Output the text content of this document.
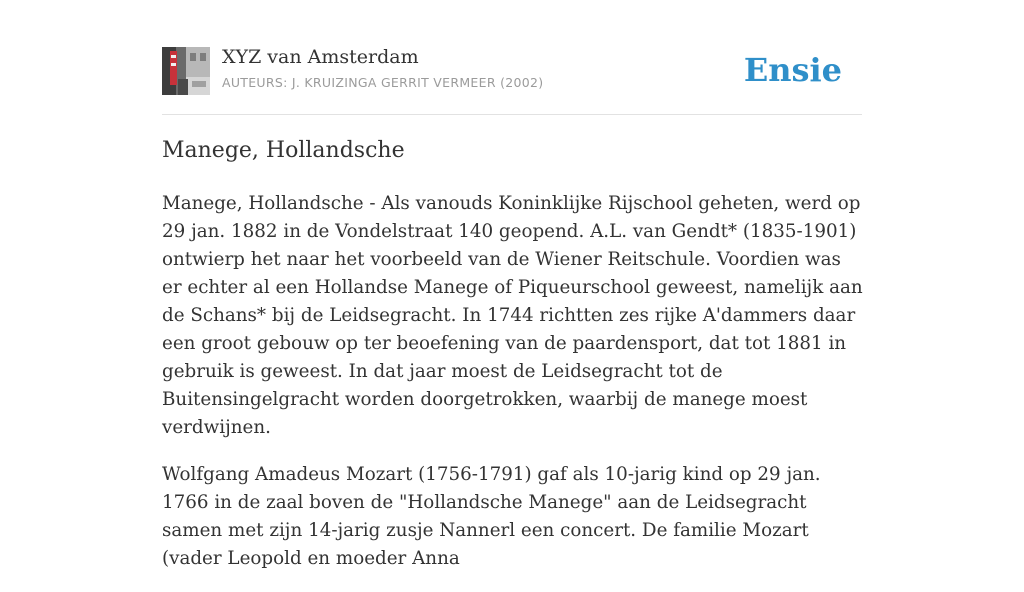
XYZ van Amsterdam
AUTEURS: J. KRUIZINGA GERRIT VERMEER (2002)	Ensie
Manege, Hollandsche

Manege, Hollandsche - Als vanouds Koninklijke Rijschool geheten, werd op 29 jan. 1882 in de Vondelstraat 140 geopend. A.L. van Gendt* (1835-1901) ontwierp het naar het voorbeeld van de Wiener Reitschule. Voordien was er echter al een Hollandse Manege of Piqueurschool geweest, namelijk aan de Schans* bij de Leidsegracht. In 1744 richtten zes rijke A'dammers daar een groot gebouw op ter beoefening van de paardensport, dat tot 1881 in gebruik is geweest. In dat jaar moest de Leidsegracht tot de Buitensingelgracht worden doorgetrokken, waarbij de manege moest verdwijnen.

Wolfgang Amadeus Mozart (1756-1791) gaf als 10-jarig kind op 29 jan. 1766 in de zaal boven de "Hollandsche Manege" aan de Leidsegracht samen met zijn 14-jarig zusje Nannerl een concert. De familie Mozart (vader Leopold en moeder Anna
